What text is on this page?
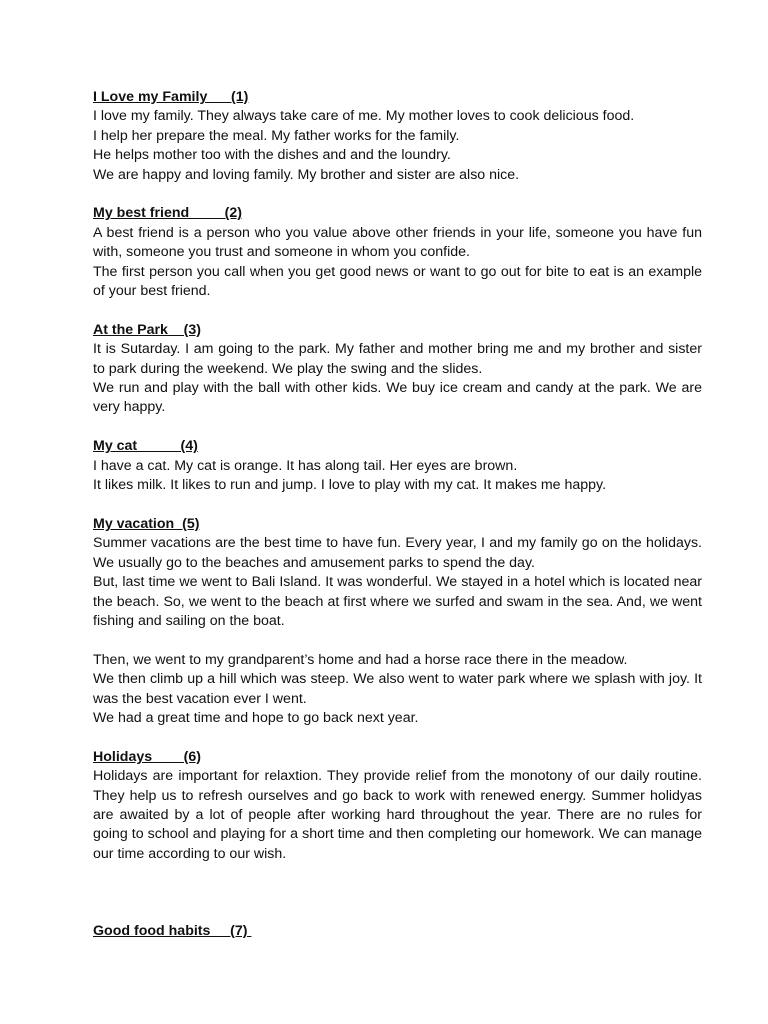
I Love my Family      (1)

I love my family. They always take care of me. My mother loves to cook delicious food.

I help her prepare the meal. My father works for the family.

He helps mother too with the dishes and and the loundry.

We are happy and loving family. My brother and sister are also nice.

My best friend         (2)

A best friend is a person who you value above other friends in your life, someone you have fun with, someone you trust and someone in whom you confide.

The first person you call when you get good news or want to go out for bite to eat is an example of your best friend.

At the Park    (3)

It is Sutarday. I am going to the park. My father and mother bring me and my brother and sister to park during the weekend. We play the swing and the slides.

We run and play with the ball with other kids. We buy ice cream and candy at the park. We are very happy.

My cat           (4)

I have a cat. My cat is orange. It has along tail. Her eyes are brown.

It likes milk. It likes to run and jump. I love to play with my cat. It makes me happy.

My vacation  (5)

Summer vacations are the best time to have fun. Every year, I and my family go on the holidays. We usually go to the beaches and amusement parks to spend the day.

But, last time we went to Bali Island. It was wonderful. We stayed in a hotel which is located near the beach. So, we went to the beach at first where we surfed and swam in the sea. And, we went fishing and sailing on the boat.

Then, we went to my grandparent’s home and had a horse race there in the meadow.

We then climb up a hill which was steep. We also went to water park where we splash with joy. It was the best vacation ever I went.

We had a great time and hope to go back next year.

Holidays        (6)

Holidays are important for relaxtion. They provide relief from the monotony of our daily routine. They help us to refresh ourselves and go back to work with renewed energy. Summer holidyas are awaited by a lot of people after working hard throughout the year. There are no rules for going to school and playing for a short time and then completing our homework. We can manage our time according to our wish.

Good food habits     (7)
